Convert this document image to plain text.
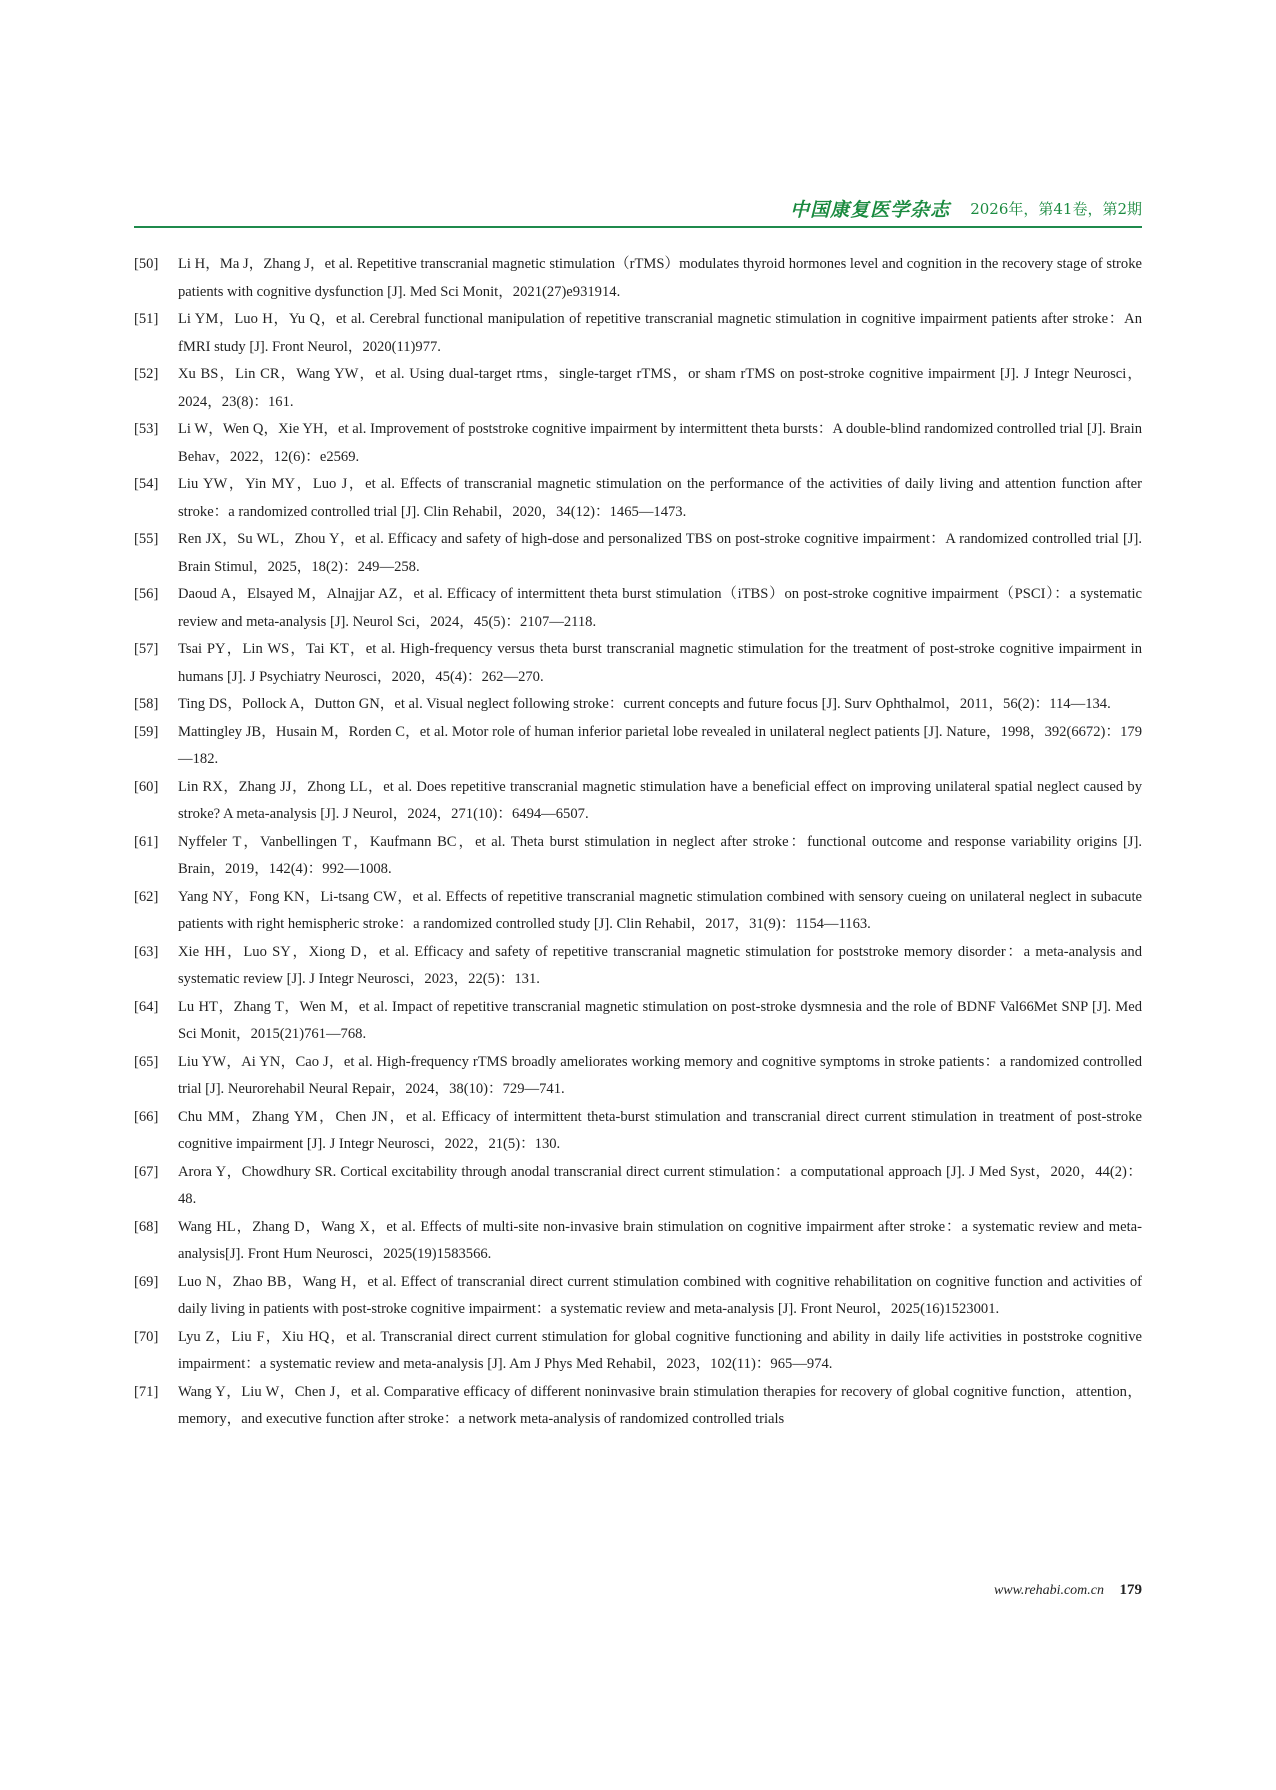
中国康复医学杂志 2026年，第41卷，第2期
[50]	Li H，Ma J，Zhang J，et al. Repetitive transcranial magnetic stimulation（rTMS）modulates thyroid hormones level and cognition in the recovery stage of stroke patients with cognitive dysfunction [J]. Med Sci Monit，2021(27)e931914.
[51]	Li YM，Luo H，Yu Q，et al. Cerebral functional manipulation of repetitive transcranial magnetic stimulation in cognitive impairment patients after stroke：An fMRI study [J]. Front Neurol，2020(11)977.
[52]	Xu BS，Lin CR，Wang YW，et al. Using dual-target rtms，single-target rTMS，or sham rTMS on post-stroke cognitive impairment [J]. J Integr Neurosci，2024，23(8)：161.
[53]	Li W，Wen Q，Xie YH，et al. Improvement of poststroke cognitive impairment by intermittent theta bursts：A double-blind randomized controlled trial [J]. Brain Behav，2022，12(6)：e2569.
[54]	Liu YW，Yin MY，Luo J，et al. Effects of transcranial magnetic stimulation on the performance of the activities of daily living and attention function after stroke：a randomized controlled trial [J]. Clin Rehabil，2020，34(12)：1465—1473.
[55]	Ren JX，Su WL，Zhou Y，et al. Efficacy and safety of high-dose and personalized TBS on post-stroke cognitive impairment：A randomized controlled trial [J]. Brain Stimul，2025，18(2)：249—258.
[56]	Daoud A，Elsayed M，Alnajjar AZ，et al. Efficacy of intermittent theta burst stimulation（iTBS）on post-stroke cognitive impairment（PSCI）：a systematic review and meta-analysis [J]. Neurol Sci，2024，45(5)：2107—2118.
[57]	Tsai PY，Lin WS，Tai KT，et al. High-frequency versus theta burst transcranial magnetic stimulation for the treatment of post-stroke cognitive impairment in humans [J]. J Psychiatry Neurosci，2020，45(4)：262—270.
[58]	Ting DS，Pollock A，Dutton GN，et al. Visual neglect following stroke：current concepts and future focus [J]. Surv Ophthalmol，2011，56(2)：114—134.
[59]	Mattingley JB，Husain M，Rorden C，et al. Motor role of human inferior parietal lobe revealed in unilateral neglect patients [J]. Nature，1998，392(6672)：179—182.
[60]	Lin RX，Zhang JJ，Zhong LL，et al. Does repetitive transcranial magnetic stimulation have a beneficial effect on improving unilateral spatial neglect caused by stroke? A meta-analysis [J]. J Neurol，2024，271(10)：6494—6507.
[61]	Nyffeler T，Vanbellingen T，Kaufmann BC，et al. Theta burst stimulation in neglect after stroke：functional outcome and response variability origins [J]. Brain，2019，142(4)：992—1008.
[62]	Yang NY，Fong KN，Li-tsang CW，et al. Effects of repetitive transcranial magnetic stimulation combined with sensory cueing on unilateral neglect in subacute patients with right hemispheric stroke：a randomized controlled study [J]. Clin Rehabil，2017，31(9)：1154—1163.
[63]	Xie HH，Luo SY，Xiong D，et al. Efficacy and safety of repetitive transcranial magnetic stimulation for poststroke memory disorder：a meta-analysis and systematic review [J]. J Integr Neurosci，2023，22(5)：131.
[64]	Lu HT，Zhang T，Wen M，et al. Impact of repetitive transcranial magnetic stimulation on post-stroke dysmnesia and the role of BDNF Val66Met SNP [J]. Med Sci Monit，2015(21)761—768.
[65]	Liu YW，Ai YN，Cao J，et al. High-frequency rTMS broadly ameliorates working memory and cognitive symptoms in stroke patients：a randomized controlled trial [J]. Neurorehabil Neural Repair，2024，38(10)：729—741.
[66]	Chu MM，Zhang YM，Chen JN，et al. Efficacy of intermittent theta-burst stimulation and transcranial direct current stimulation in treatment of post-stroke cognitive impairment [J]. J Integr Neurosci，2022，21(5)：130.
[67]	Arora Y，Chowdhury SR. Cortical excitability through anodal transcranial direct current stimulation：a computational approach [J]. J Med Syst，2020，44(2)：48.
[68]	Wang HL，Zhang D，Wang X，et al. Effects of multi-site non-invasive brain stimulation on cognitive impairment after stroke：a systematic review and meta-analysis[J]. Front Hum Neurosci，2025(19)1583566.
[69]	Luo N，Zhao BB，Wang H，et al. Effect of transcranial direct current stimulation combined with cognitive rehabilitation on cognitive function and activities of daily living in patients with post-stroke cognitive impairment：a systematic review and meta-analysis [J]. Front Neurol，2025(16)1523001.
[70]	Lyu Z，Liu F，Xiu HQ，et al. Transcranial direct current stimulation for global cognitive functioning and ability in daily life activities in poststroke cognitive impairment：a systematic review and meta-analysis [J]. Am J Phys Med Rehabil，2023，102(11)：965—974.
[71]	Wang Y，Liu W，Chen J，et al. Comparative efficacy of different noninvasive brain stimulation therapies for recovery of global cognitive function，attention，memory，and executive function after stroke：a network meta-analysis of randomized controlled trials
www.rehabi.com.cn 179
